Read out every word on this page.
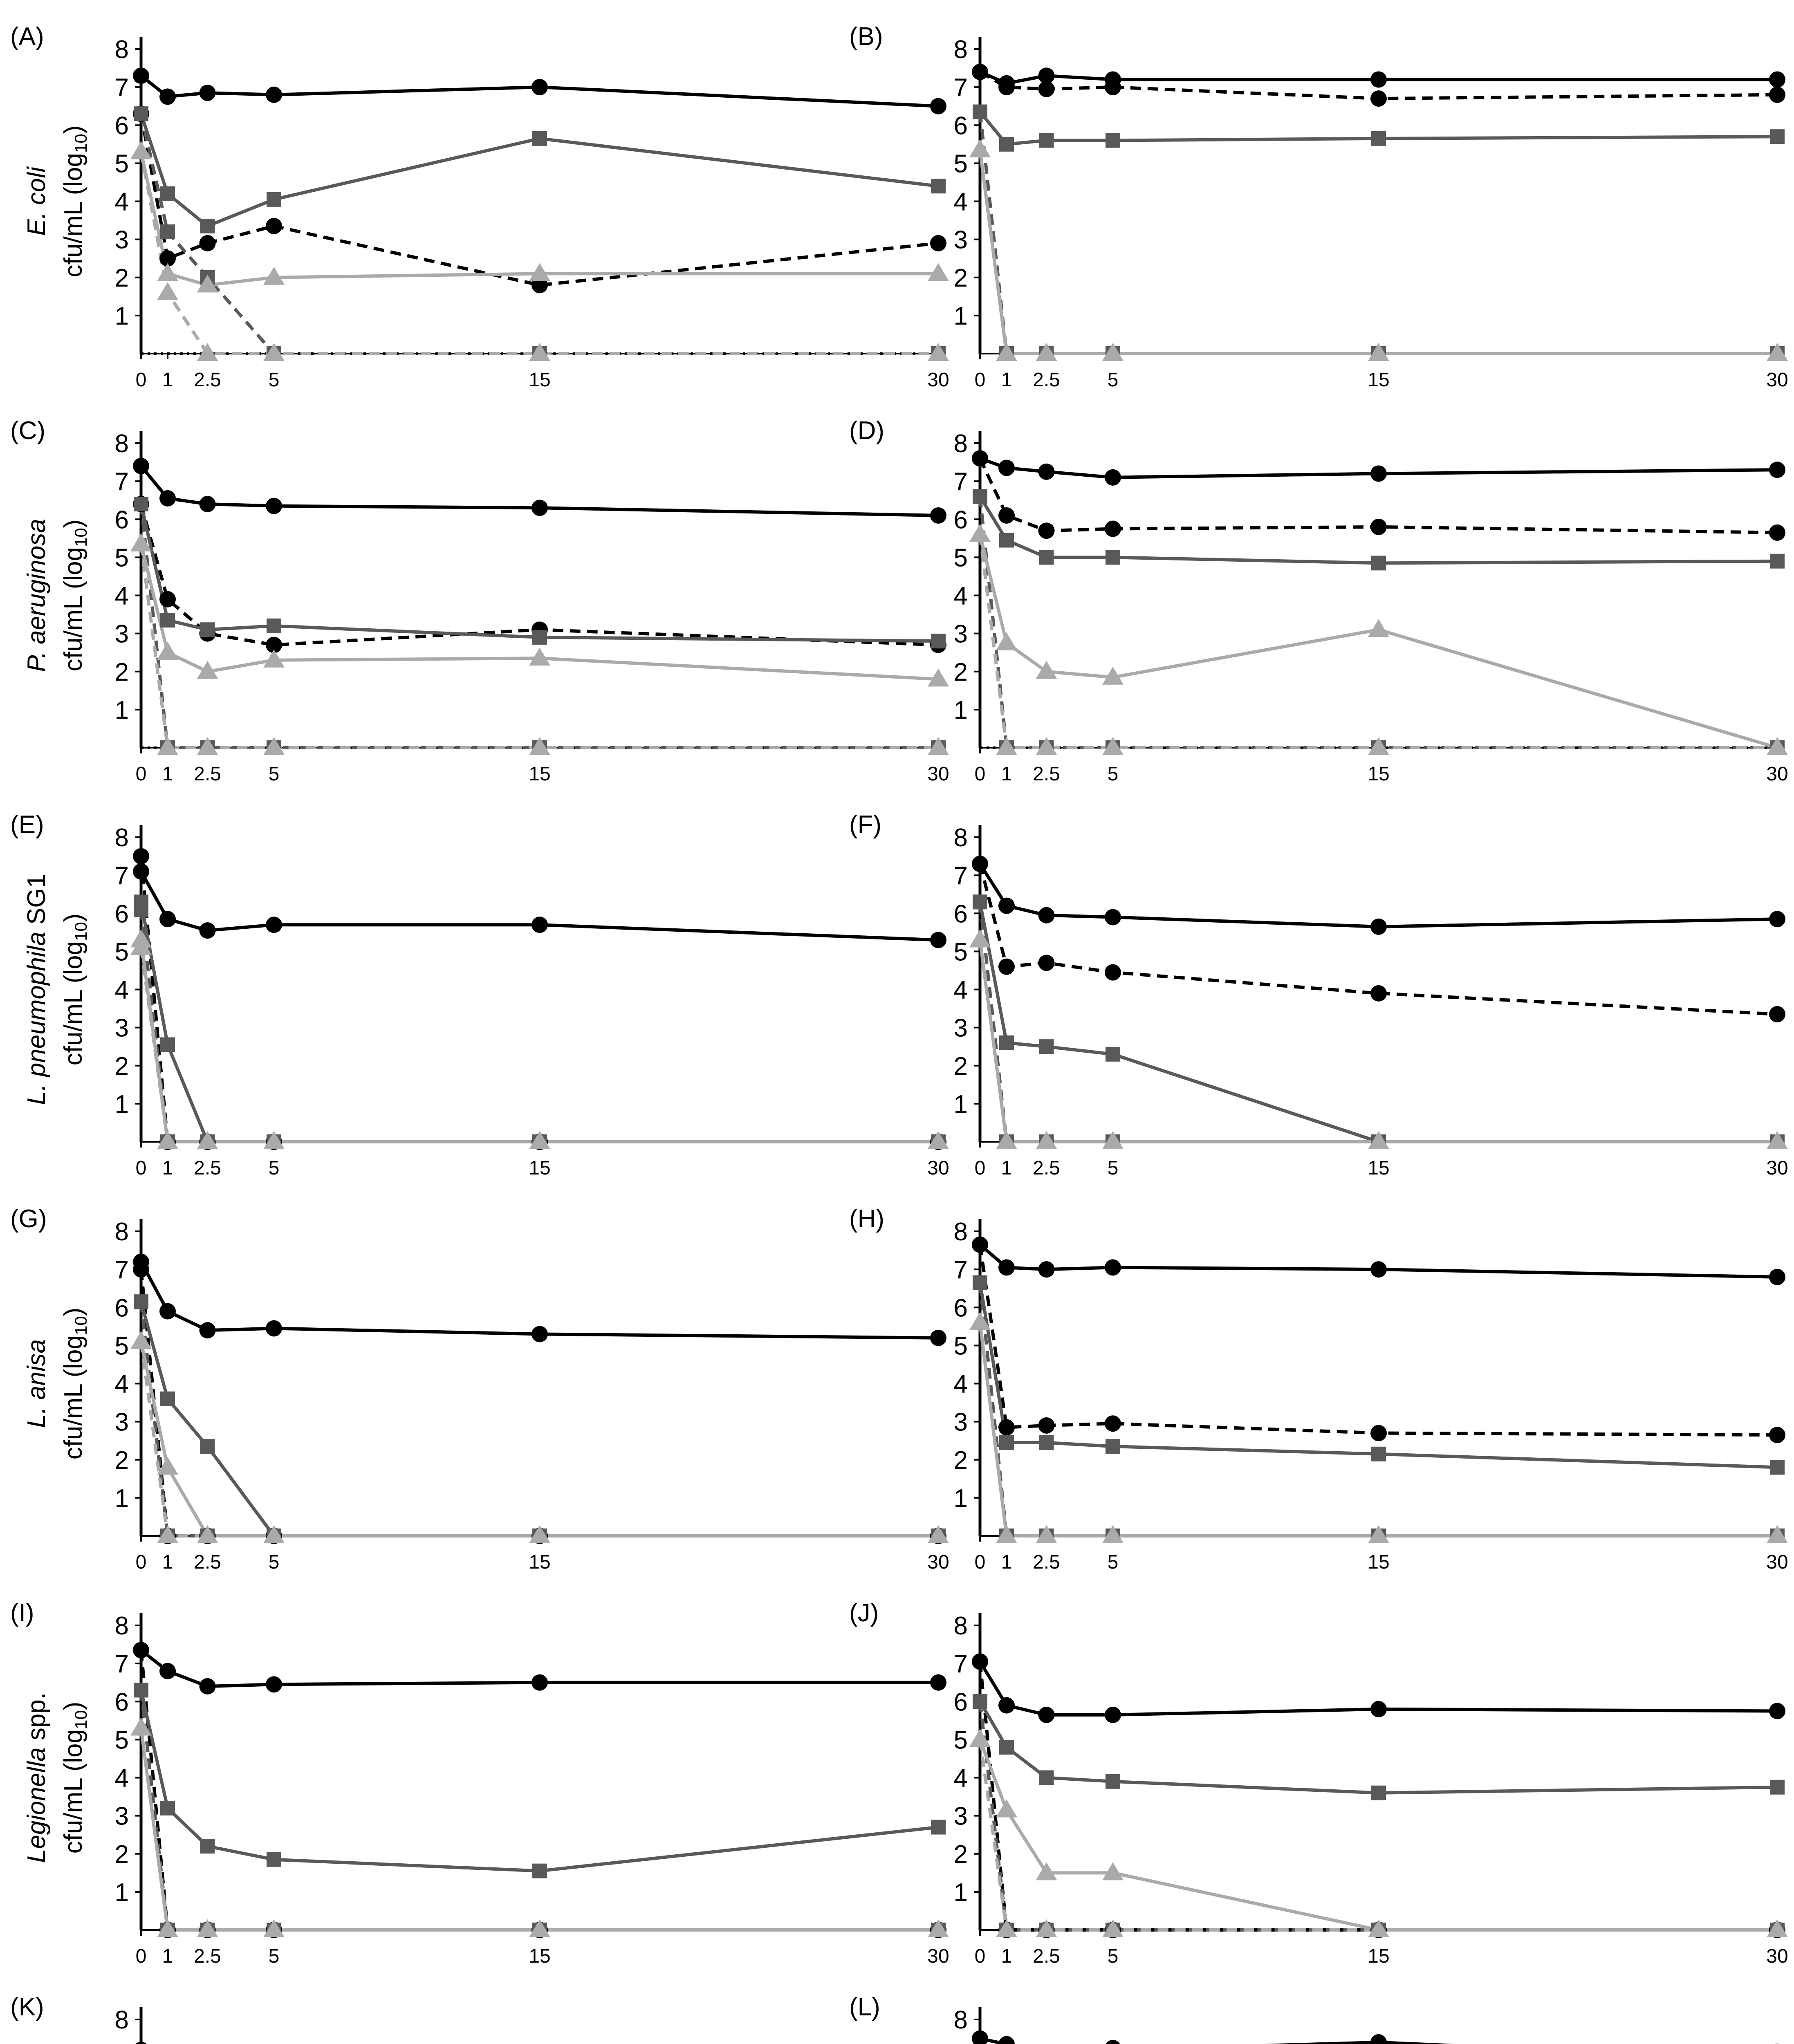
(A)
1
2
3
4
5
6
7
8
0 1 2.5 5	15	30
cfu/mL (log10)
E. coli
(B)
1
2
3
4
5
6
7
8
0 1 2.5 5	15	30
(C)
1
2
3
4
5
6
7
8
0 1 2.5 5	15	30
cfu/mL (log10)
P. aeruginosa
(D)
1
2
3
4
5
6
7
8
0 1 2.5 5	15	30
(E)
1
2
3
4
5
6
7
8
0 1 2.5 5	15	30
cfu/mL (log10)
L. pneumophila SG1
(F)
1
2
3
4
5
6
7
8
0 1 2.5 5	15	30
(G)
1
2
3
4
5
6
7
8
0 1 2.5 5	15	30
cfu/mL (log10)
L. anisa
(H)
1
2
3
4
5
6
7
8
0 1 2.5 5	15	30
(I)
1
2
3
4
5
6
7
8
0 1 2.5 5	15	30
cfu/mL (log10)
Legionella spp.
(J)
1
2
3
4
5
6
7
8
0 1 2.5 5	15	30
(K)	8	(L)	8
